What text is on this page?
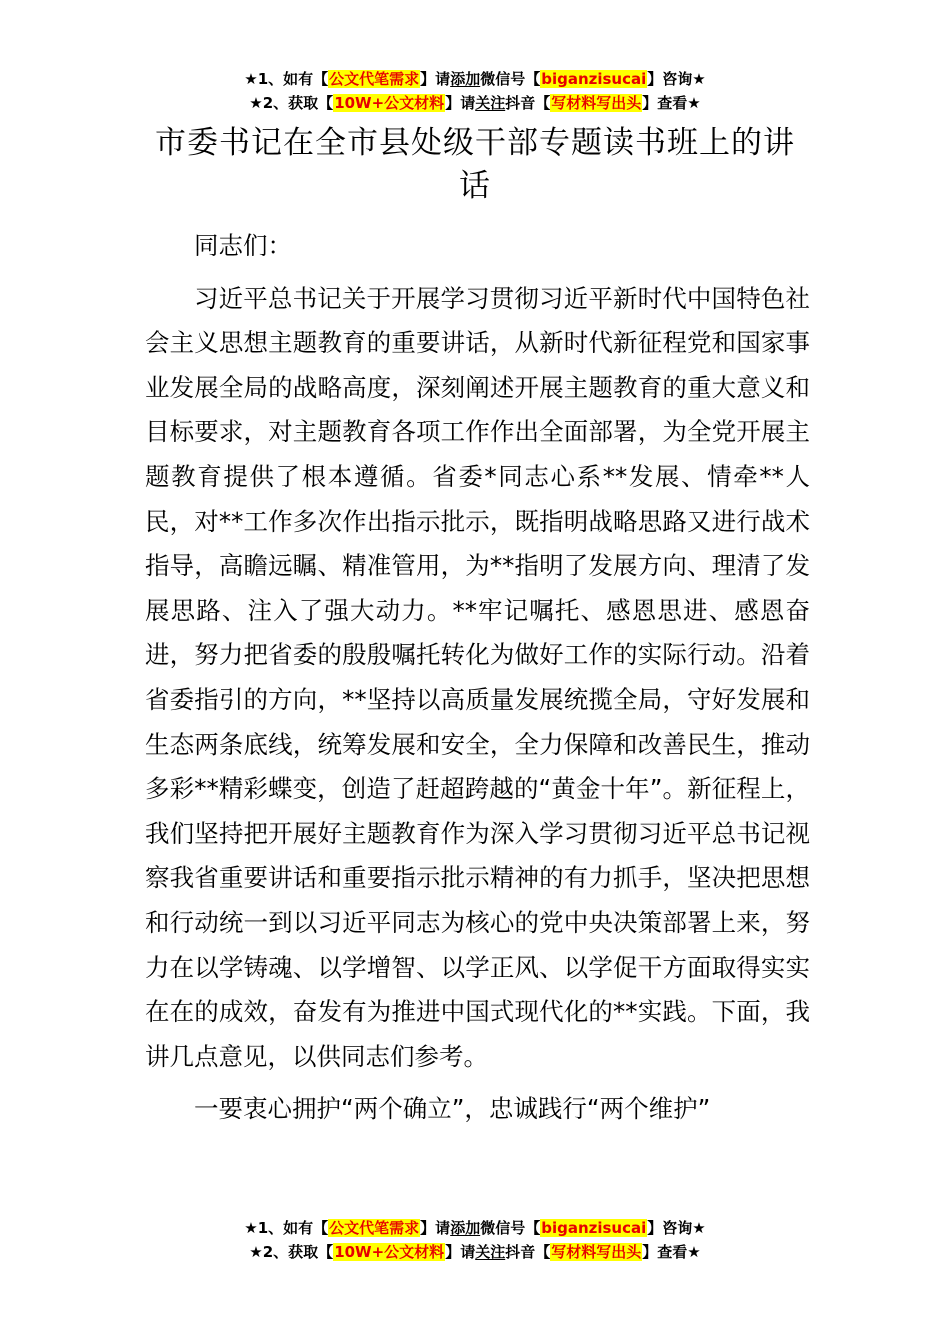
★1、如有【公文代笔需求】请添加微信号【biganzisucai】咨询★
★2、获取【10W+公文材料】请关注抖音【写材料写出头】查看★
市委书记在全市县处级干部专题读书班上的讲话

同志们：

习近平总书记关于开展学习贯彻习近平新时代中国特色社会主义思想主题教育的重要讲话，从新时代新征程党和国家事业发展全局的战略高度，深刻阐述开展主题教育的重大意义和目标要求，对主题教育各项工作作出全面部署，为全党开展主题教育提供了根本遵循。省委*同志心系**发展、情牵**人民，对**工作多次作出指示批示，既指明战略思路又进行战术指导，高瞻远瞩、精准管用，为**指明了发展方向、理清了发展思路、注入了强大动力。**牢记嘱托、感恩思进、感恩奋进，努力把省委的殷殷嘱托转化为做好工作的实际行动。沿着省委指引的方向，**坚持以高质量发展统揽全局，守好发展和生态两条底线，统筹发展和安全，全力保障和改善民生，推动多彩**精彩蝶变，创造了赶超跨越的“黄金十年”。新征程上，我们坚持把开展好主题教育作为深入学习贯彻习近平总书记视察我省重要讲话和重要指示批示精神的有力抓手，坚决把思想和行动统一到以习近平同志为核心的党中央决策部署上来，努力在以学铸魂、以学增智、以学正风、以学促干方面取得实实在在的成效，奋发有为推进中国式现代化的**实践。下面，我讲几点意见，以供同志们参考。

一要衷心拥护“两个确立”，忠诚践行“两个维护”

★1、如有【公文代笔需求】请添加微信号【biganzisucai】咨询★
★2、获取【10W+公文材料】请关注抖音【写材料写出头】查看★
